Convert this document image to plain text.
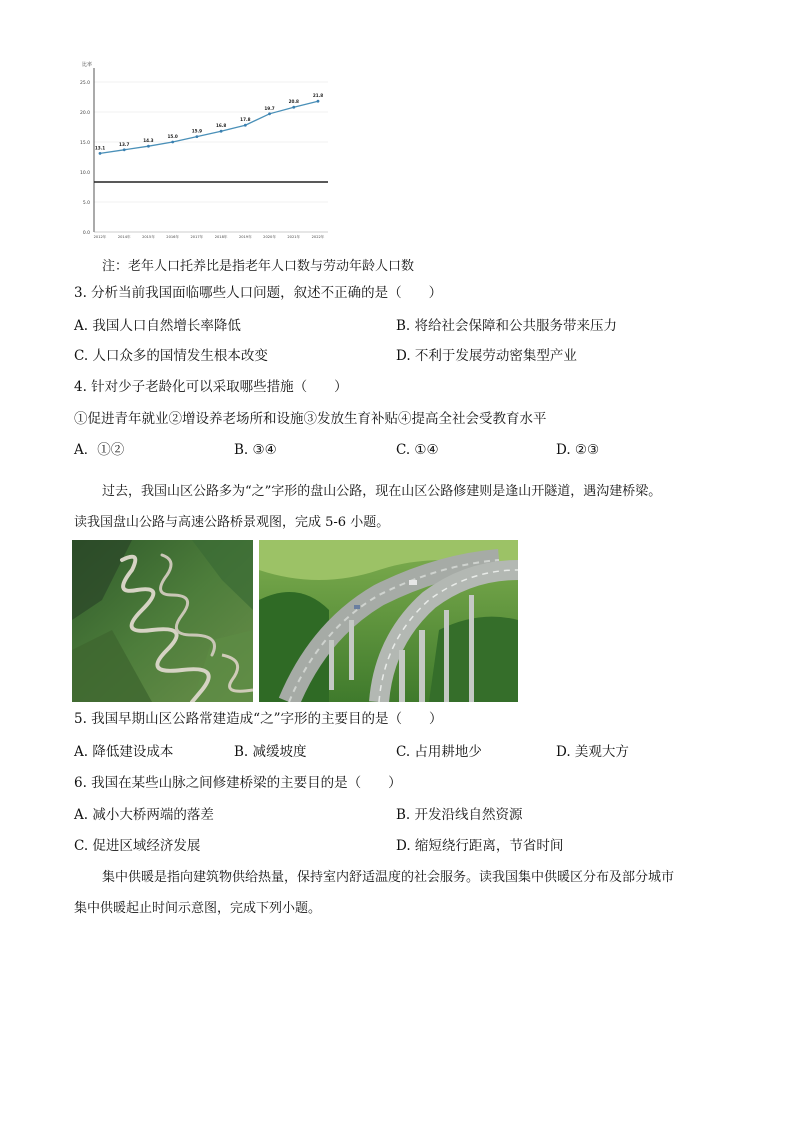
比率
25.0
20.0
15.0
10.0
5.0
0.0
2012年	2014年	2015年	2016年	2017年	2018年	2019年	2020年	2021年	2022年
13.1
13.7
14.3
15.0
15.9
16.8
17.8
19.7
20.8
21.8
注：老年人口托养比是指老年人口数与劳动年龄人口数
3. 分析当前我国面临哪些人口问题，叙述不正确的是（　　）
A. 我国人口自然增长率降低	B. 将给社会保障和公共服务带来压力
C. 人口众多的国情发生根本改变	D. 不利于发展劳动密集型产业
4. 针对少子老龄化可以采取哪些措施（　　）
①促进青年就业②增设养老场所和设施③发放生育补贴④提高全社会受教育水平
A．①②	B. ③④	C. ①④	D. ②③
过去，我国山区公路多为“之”字形的盘山公路，现在山区公路修建则是逢山开隧道，遇沟建桥梁。
读我国盘山公路与高速公路桥景观图，完成 5-6 小题。
5. 我国早期山区公路常建造成“之”字形的主要目的是（　　）
A. 降低建设成本	B. 减缓坡度	C. 占用耕地少	D. 美观大方
6. 我国在某些山脉之间修建桥梁的主要目的是（　　）
A. 减小大桥两端的落差	B. 开发沿线自然资源
C. 促进区域经济发展	D. 缩短绕行距离，节省时间
集中供暖是指向建筑物供给热量，保持室内舒适温度的社会服务。读我国集中供暖区分布及部分城市
集中供暖起止时间示意图，完成下列小题。
